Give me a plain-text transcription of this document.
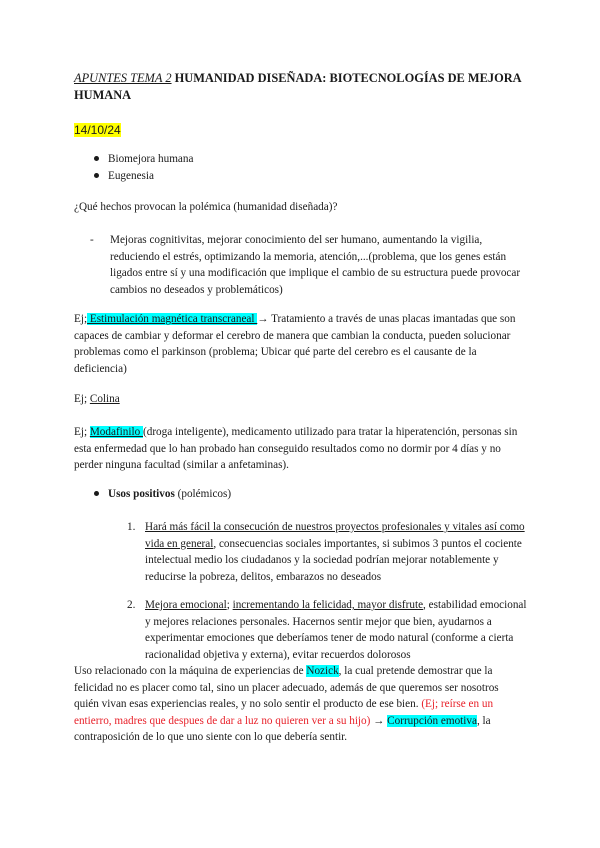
APUNTES TEMA 2 HUMANIDAD DISEÑADA: BIOTECNOLOGÍAS DE MEJORA HUMANA
14/10/24
Biomejora humana
Eugenesia
¿Qué hechos provocan la polémica (humanidad diseñada)?
- Mejoras cognitivitas, mejorar conocimiento del ser humano, aumentando la vigilia, reduciendo el estrés, optimizando la memoria, atención,...(problema, que los genes están ligados entre sí y una modificación que implique el cambio de su estructura puede provocar cambios no deseados y problemáticos)
Ej; Estimulación magnética transcraneal → Tratamiento a través de unas placas imantadas que son capaces de cambiar y deformar el cerebro de manera que cambian la conducta, pueden solucionar problemas como el parkinson (problema; Ubicar qué parte del cerebro es el causante de la deficiencia)
Ej; Colina
Ej; Modafinilo (droga inteligente), medicamento utilizado para tratar la hiperatención, personas sin esta enfermedad que lo han probado han conseguido resultados como no dormir por 4 días y no perder ninguna facultad (similar a anfetaminas).
Usos positivos (polémicos)
1. Hará más fácil la consecución de nuestros proyectos profesionales y vitales así como vida en general, consecuencias sociales importantes, si subimos 3 puntos el cociente intelectual medio los ciudadanos y la sociedad podrían mejorar notablemente y reducirse la pobreza, delitos, embarazos no deseados
2. Mejora emocional; incrementando la felicidad, mayor disfrute, estabilidad emocional y mejores relaciones personales. Hacernos sentir mejor que bien, ayudarnos a experimentar emociones que deberíamos tener de modo natural (conforme a cierta racionalidad objetiva y externa), evitar recuerdos dolorosos
Uso relacionado con la máquina de experiencias de Nozick, la cual pretende demostrar que la felicidad no es placer como tal, sino un placer adecuado, además de que queremos ser nosotros quién vivan esas experiencias reales, y no solo sentir el producto de ese bien. (Ej; reírse en un entierro, madres que despues de dar a luz no quieren ver a su hijo) → Corrupción emotiva, la contraposición de lo que uno siente con lo que debería sentir.
